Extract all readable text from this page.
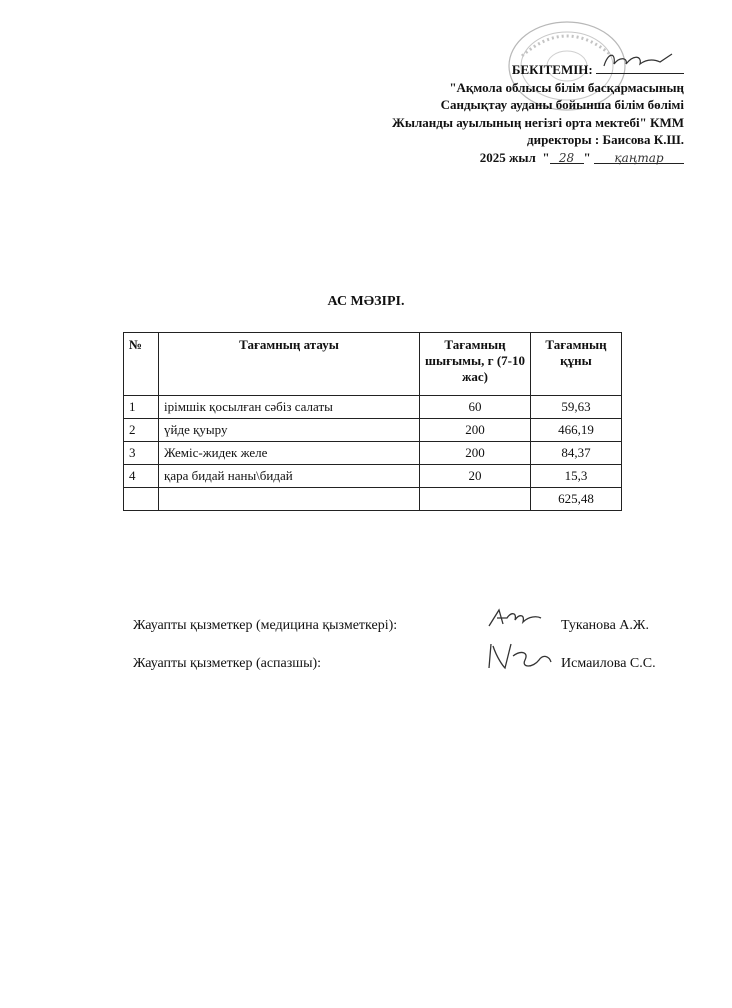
БЕКІТЕМІН:
"Ақмола облысы білім басқармасының
Сандықтау ауданы бойынша білім бөлімі
Жыланды ауылының негізгі орта мектебі" КММ
директоры : Баисова К.Ш.
2025 жыл  " 28 " қаңтар
АС МӘЗІРІ.
№	Тағамның атауы	Тағамның шығымы, г (7-10 жас)	Тағамның құны
1	ірімшік қосылған сәбіз салаты	60	59,63
2	үйде қуыру	200	466,19
3	Жеміс-жидек желе	200	84,37
4	қара бидай наны\бидай	20	15,3
			625,48
Жауапты қызметкер (медицина қызметкері):	Туканова А.Ж.
Жауапты қызметкер (аспазшы):	Исмаилова С.С.
